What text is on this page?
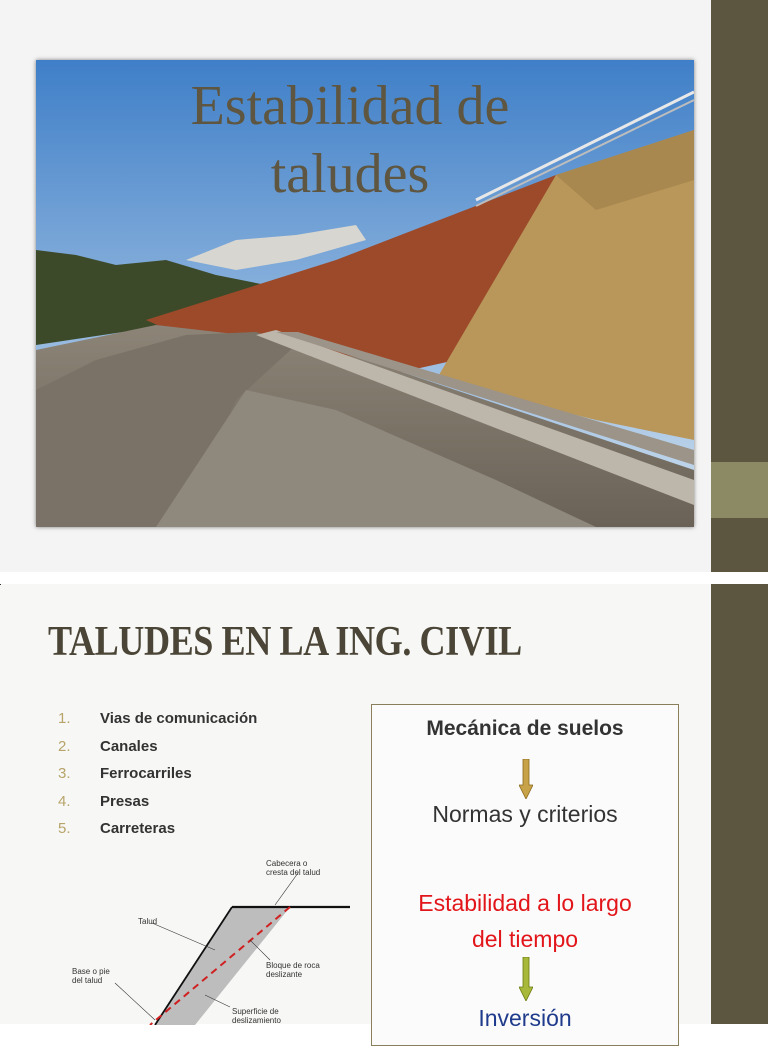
Estabilidad de
taludes
TALUDES EN LA ING. CIVIL
1.	Vias de comunicación
2.	Canales
3.	Ferrocarriles
4.	Presas
5.	Carreteras
Mecánica de suelos
Normas y criterios
Estabilidad a lo largo
del tiempo
Inversión
Cabecera o
cresta del talud
Talud
Bloque de roca
deslizante
Base o pie
del talud
Superficie de
deslizamiento
